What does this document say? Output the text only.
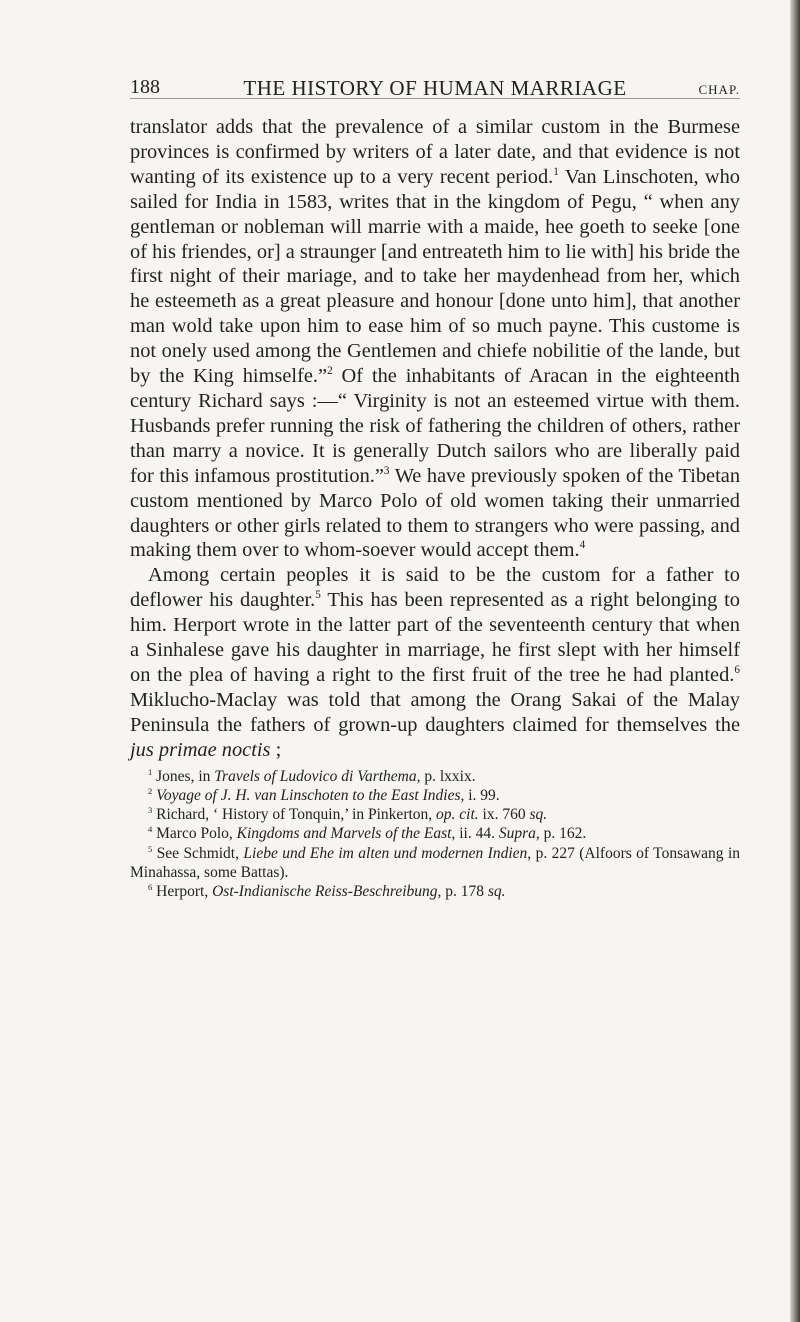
188	THE HISTORY OF HUMAN MARRIAGE	CHAP.

translator adds that the prevalence of a similar custom in the Burmese provinces is confirmed by writers of a later date, and that evidence is not wanting of its existence up to a very recent period.$^1$ Van Linschoten, who sailed for India in 1583, writes that in the kingdom of Pegu, “ when any gentleman or nobleman will marrie with a maide, hee goeth to seeke [one of his friendes, or] a straunger [and entreateth him to lie with] his bride the first night of their mariage, and to take her maydenhead from her, which he esteemeth as a great pleasure and honour [done unto him], that another man wold take upon him to ease him of so much payne. This custome is not onely used among the Gentlemen and chiefe nobilitie of the lande, but by the King himselfe.”$^2$ Of the inhabitants of Aracan in the eighteenth century Richard says :—“ Virginity is not an esteemed virtue with them. Husbands prefer running the risk of fathering the children of others, rather than marry a novice. It is generally Dutch sailors who are liberally paid for this infamous prostitution.”$^3$ We have previously spoken of the Tibetan custom mentioned by Marco Polo of old women taking their unmarried daughters or other girls related to them to strangers who were passing, and making them over to whom-soever would accept them.$^4$

Among certain peoples it is said to be the custom for a father to deflower his daughter.$^5$ This has been represented as a right belonging to him. Herport wrote in the latter part of the seventeenth century that when a Sinhalese gave his daughter in marriage, he first slept with her himself on the plea of having a right to the first fruit of the tree he had planted.$^6$ Miklucho-Maclay was told that among the Orang Sakai of the Malay Peninsula the fathers of grown-up daughters claimed for themselves the jus primae noctis ;

$^1$ Jones, in Travels of Ludovico di Varthema, p. lxxix.

$^2$ Voyage of J. H. van Linschoten to the East Indies, i. 99.

$^3$ Richard, ‘ History of Tonquin,’ in Pinkerton, op. cit. ix. 760 sq.

$^4$ Marco Polo, Kingdoms and Marvels of the East, ii. 44. Supra, p. 162.

$^5$ See Schmidt, Liebe und Ehe im alten und modernen Indien, p. 227 (Alfoors of Tonsawang in Minahassa, some Battas).

$^6$ Herport, Ost-Indianische Reiss-Beschreibung, p. 178 sq.
